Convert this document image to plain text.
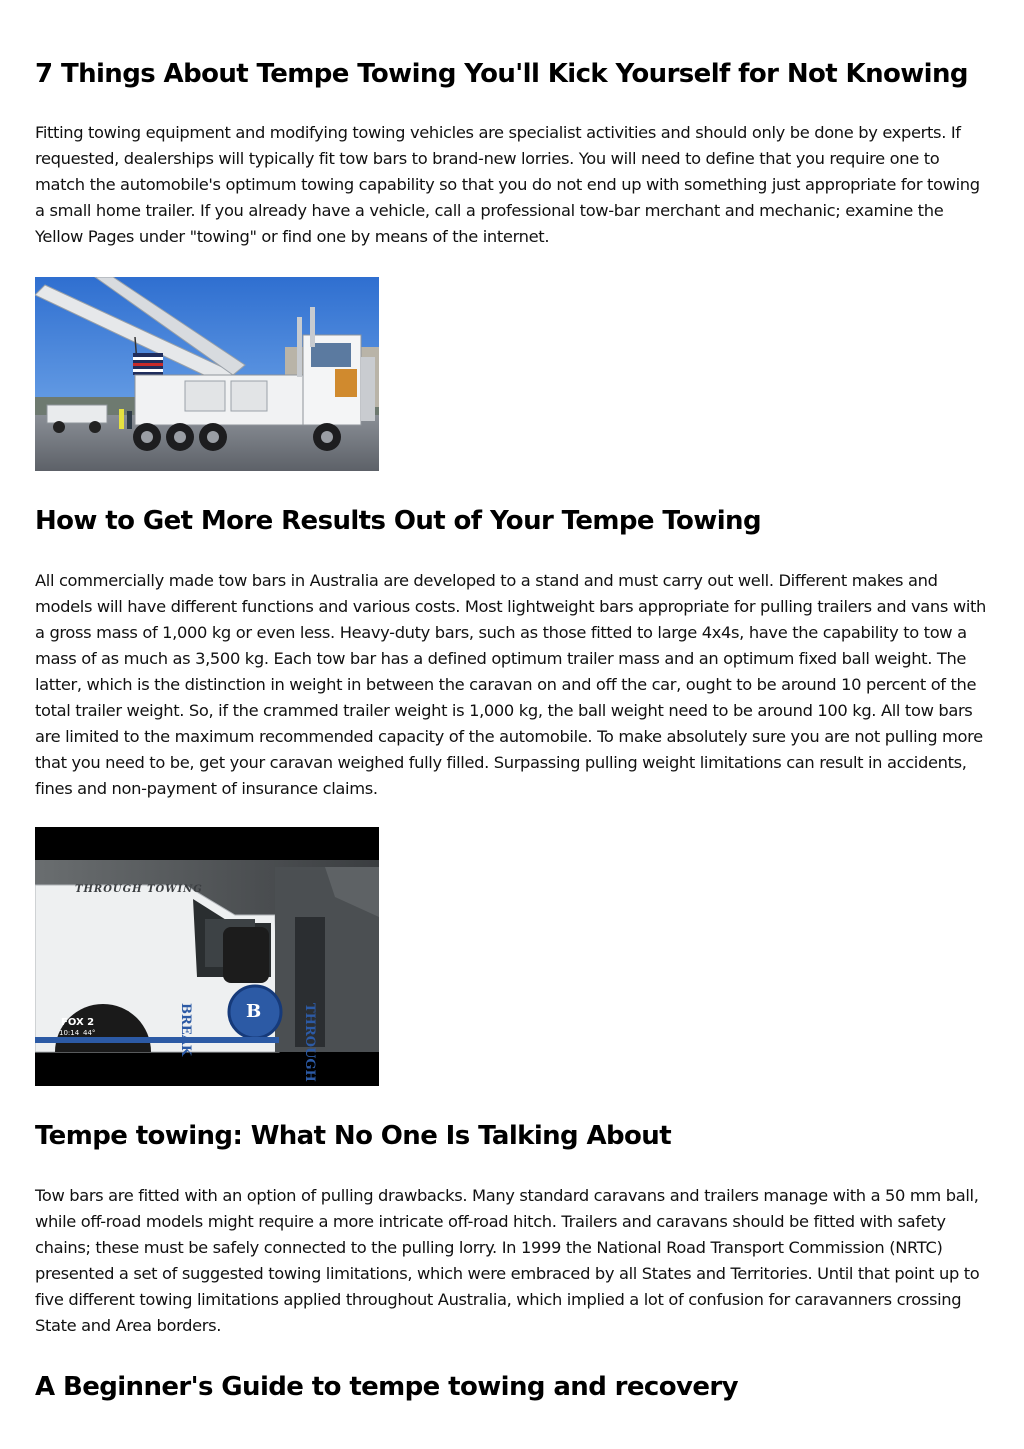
7 Things About Tempe Towing You'll Kick Yourself for Not Knowing

Fitting towing equipment and modifying towing vehicles are specialist activities and should only be done by experts. If requested, dealerships will typically fit tow bars to brand-new lorries. You will need to define that you require one to match the automobile's optimum towing capability so that you do not end up with something just appropriate for towing a small home trailer. If you already have a vehicle, call a professional tow-bar merchant and mechanic; examine the Yellow Pages under "towing" or find one by means of the internet.

How to Get More Results Out of Your Tempe Towing

All commercially made tow bars in Australia are developed to a stand and must carry out well. Different makes and models will have different functions and various costs. Most lightweight bars appropriate for pulling trailers and vans with a gross mass of 1,000 kg or even less. Heavy-duty bars, such as those fitted to large 4x4s, have the capability to tow a mass of as much as 3,500 kg. Each tow bar has a defined optimum trailer mass and an optimum fixed ball weight. The latter, which is the distinction in weight in between the caravan on and off the car, ought to be around 10 percent of the total trailer weight. So, if the crammed trailer weight is 1,000 kg, the ball weight need to be around 100 kg. All tow bars are limited to the maximum recommended capacity of the automobile. To make absolutely sure you are not pulling more that you need to be, get your caravan weighed fully filled. Surpassing pulling weight limitations can result in accidents, fines and non-payment of insurance claims.

THROUGH TOWING
BREAK	B	THROUGH
FOX 2
10:14 44°
Tempe towing: What No One Is Talking About

Tow bars are fitted with an option of pulling drawbacks. Many standard caravans and trailers manage with a 50 mm ball, while off-road models might require a more intricate off-road hitch. Trailers and caravans should be fitted with safety chains; these must be safely connected to the pulling lorry. In 1999 the National Road Transport Commission (NRTC) presented a set of suggested towing limitations, which were embraced by all States and Territories. Until that point up to five different towing limitations applied throughout Australia, which implied a lot of confusion for caravanners crossing State and Area borders.

A Beginner's Guide to tempe towing and recovery
